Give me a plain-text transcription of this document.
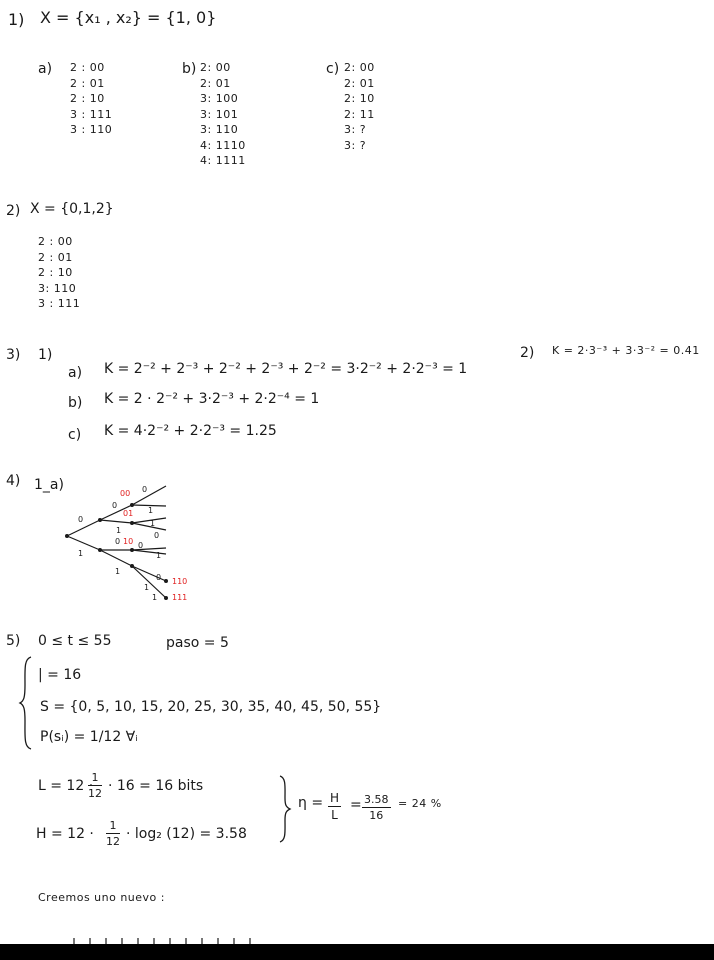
1) X = {x₁ , x₂} = {1, 0}
a) 2 : 00
2 : 01
2 : 10
3 : 111
3 : 110
b) 2: 00
2: 01
3: 100
3: 101
3: 110
4: 1110
4: 1111
c) 2: 00
2: 01
2: 10
2: 11
3: ?
3: ?
2) X = {0,1,2}
2 : 00
2 : 01
2 : 10
3: 110
3 : 111
3) 1)
a) K = 2⁻² + 2⁻³ + 2⁻² + 2⁻³ + 2⁻² = 3·2⁻² + 2·2⁻³ = 1
b) K = 2 · 2⁻² + 3·2⁻³ + 2·2⁻⁴ = 1
c) K = 4·2⁻² + 2·2⁻³ = 1.25
2) K = 2·3⁻³ + 3·3⁻² = 0.41
4) 1_a)
0
1
0
0
0
1
1
1
0
1
0
1
0
1
1
00
01
10
110
111
5) 0 ≤ t ≤ 55	paso = 5
| = 16
S = {0, 5, 10, 15, 20, 25, 30, 35, 40, 45, 50, 55}
P(sᵢ) = 1/12 ∀ᵢ
L = 12 ·
$\frac{1}{12} \cdot 16 = 16$ bits
$H = 12 \cdot \frac{1}{12} \cdot \log_2$ (12) = 3.58
$\eta = \frac{H}{L} = \frac{3.58}{16} = 24$ %
Creemos uno nuevo :
